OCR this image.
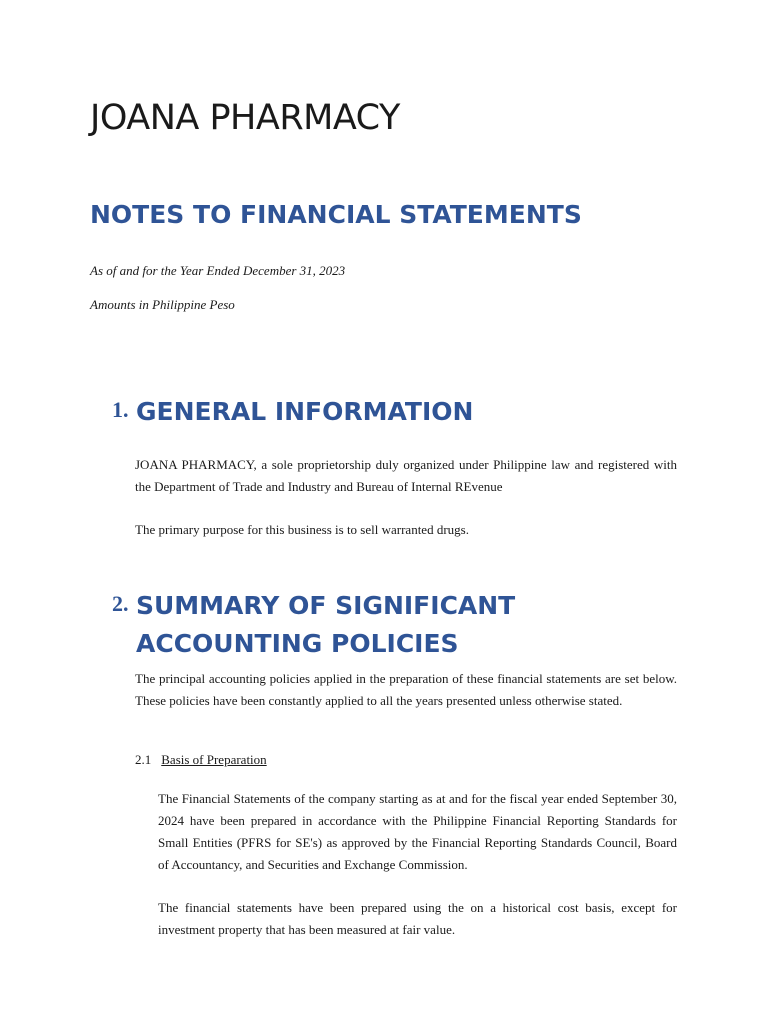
JOANA PHARMACY
NOTES TO FINANCIAL STATEMENTS
As of and for the Year Ended December 31, 2023
Amounts in Philippine Peso
1. GENERAL INFORMATION
JOANA PHARMACY, a sole proprietorship duly organized under Philippine law and registered with the Department of Trade and Industry and Bureau of Internal REvenue
The primary purpose for this business is to sell warranted drugs.
2. SUMMARY OF SIGNIFICANT ACCOUNTING POLICIES
The principal accounting policies applied in the preparation of these financial statements are set below. These policies have been constantly applied to all the years presented unless otherwise stated.
2.1 Basis of Preparation
The Financial Statements of the company starting as at and for the fiscal year ended September 30, 2024 have been prepared in accordance with the Philippine Financial Reporting Standards for Small Entities (PFRS for SE's) as approved by the Financial Reporting Standards Council, Board of Accountancy, and Securities and Exchange Commission.
The financial statements have been prepared using the on a historical cost basis, except for investment property that has been measured at fair value.
